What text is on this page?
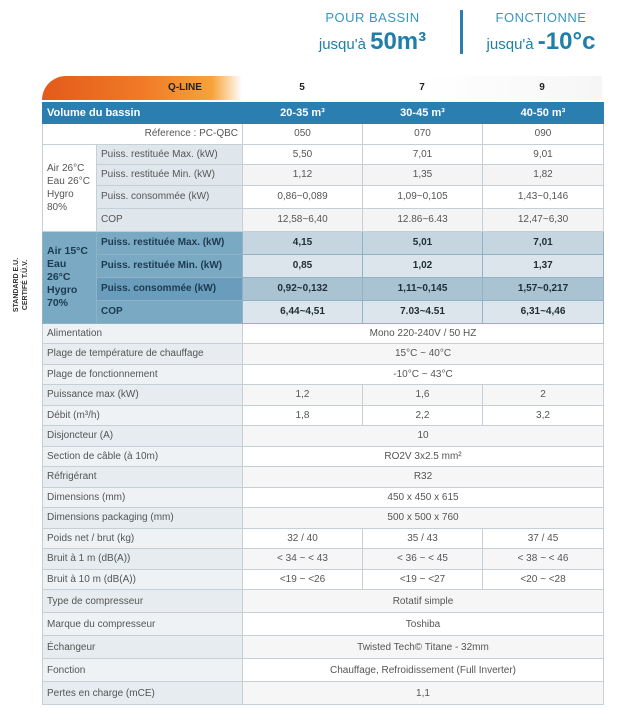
POUR BASSIN
jusqu'à 50m³
FONCTIONNE
jusqu'à -10°c
STANDARD E.U. CERTIFÉ T.Ü.V.
Q-LINE	5	7	9
Volume du bassin		20-35 m³	30-45 m³	40-50 m³
Réference : PC-QBC		050	070	090
Air 26°C Eau 26°C Hygro 80%	Puiss. restituée Max. (kW)	5,50	7,01	9,01
	Puiss. restituée Min. (kW)	1,12	1,35	1,82
	Puiss. consommée (kW)	0,86~0,089	1,09~0,105	1,43~0,146
	COP	12,58~6,40	12.86~6.43	12,47~6,30
Air 15°C Eau 26°C Hygro 70%	Puiss. restituée Max. (kW)	4,15	5,01	7,01
	Puiss. restituée Min. (kW)	0,85	1,02	1,37
	Puiss. consommée (kW)	0,92~0,132	1,11~0,145	1,57~0,217
	COP	6,44~4,51	7.03~4.51	6,31~4,46
Alimentation		Mono 220-240V / 50 HZ		
Plage de température de chauffage		15°C ~ 40°C		
Plage de fonctionnement		-10°C ~ 43°C		
Puissance max (kW)		1,2	1,6	2
Débit (m³/h)		1,8	2,2	3,2
Disjoncteur (A)		10		
Section de câble (à 10m)		RO2V 3x2.5 mm²		
Réfrigérant		R32		
Dimensions (mm)		450 x 450 x 615		
Dimensions packaging (mm)		500 x 500 x 760		
Poids net / brut (kg)		32 / 40	35 / 43	37 / 45
Bruit à 1 m (dB(A))		< 34 ~ < 43	< 36 ~ < 45	< 38 ~ < 46
Bruit à 10 m (dB(A))		<19 ~ <26	<19 ~ <27	<20 ~ <28
Type de compresseur		Rotatif simple		
Marque du compresseur		Toshiba		
Échangeur		Twisted Tech© Titane - 32mm		
Fonction		Chauffage, Refroidissement (Full Inverter)		
Pertes en charge (mCE)		1,1		
